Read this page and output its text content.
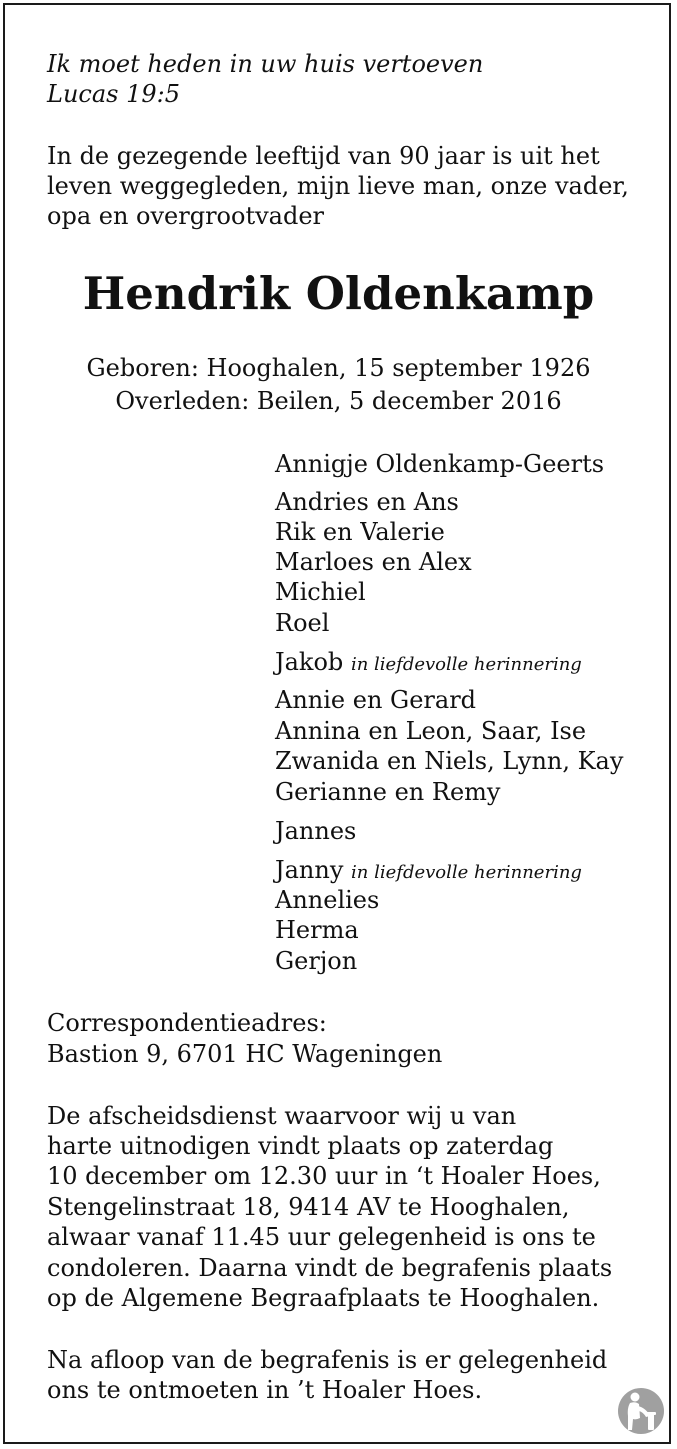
Ik moet heden in uw huis vertoeven
Lucas 19:5
In de gezegende leeftijd van 90 jaar is uit het
leven weggegleden, mijn lieve man, onze vader,
opa en overgrootvader
Hendrik Oldenkamp
Geboren: Hooghalen, 15 september 1926
Overleden: Beilen, 5 december 2016
Annigje Oldenkamp-Geerts
Andries en Ans
Rik en Valerie
Marloes en Alex
Michiel
Roel
Jakob in liefdevolle herinnering
Annie en Gerard
Annina en Leon, Saar, Ise
Zwanida en Niels, Lynn, Kay
Gerianne en Remy
Jannes
Janny in liefdevolle herinnering
Annelies
Herma
Gerjon
Correspondentieadres:
Bastion 9, 6701 HC Wageningen
De afscheidsdienst waarvoor wij u van
harte uitnodigen vindt plaats op zaterdag
10 december om 12.30 uur in ‘t Hoaler Hoes,
Stengelinstraat 18, 9414 AV te Hooghalen,
alwaar vanaf 11.45 uur gelegenheid is ons te
condoleren. Daarna vindt de begrafenis plaats
op de Algemene Begraafplaats te Hooghalen.
Na afloop van de begrafenis is er gelegenheid
ons te ontmoeten in ’t Hoaler Hoes.
